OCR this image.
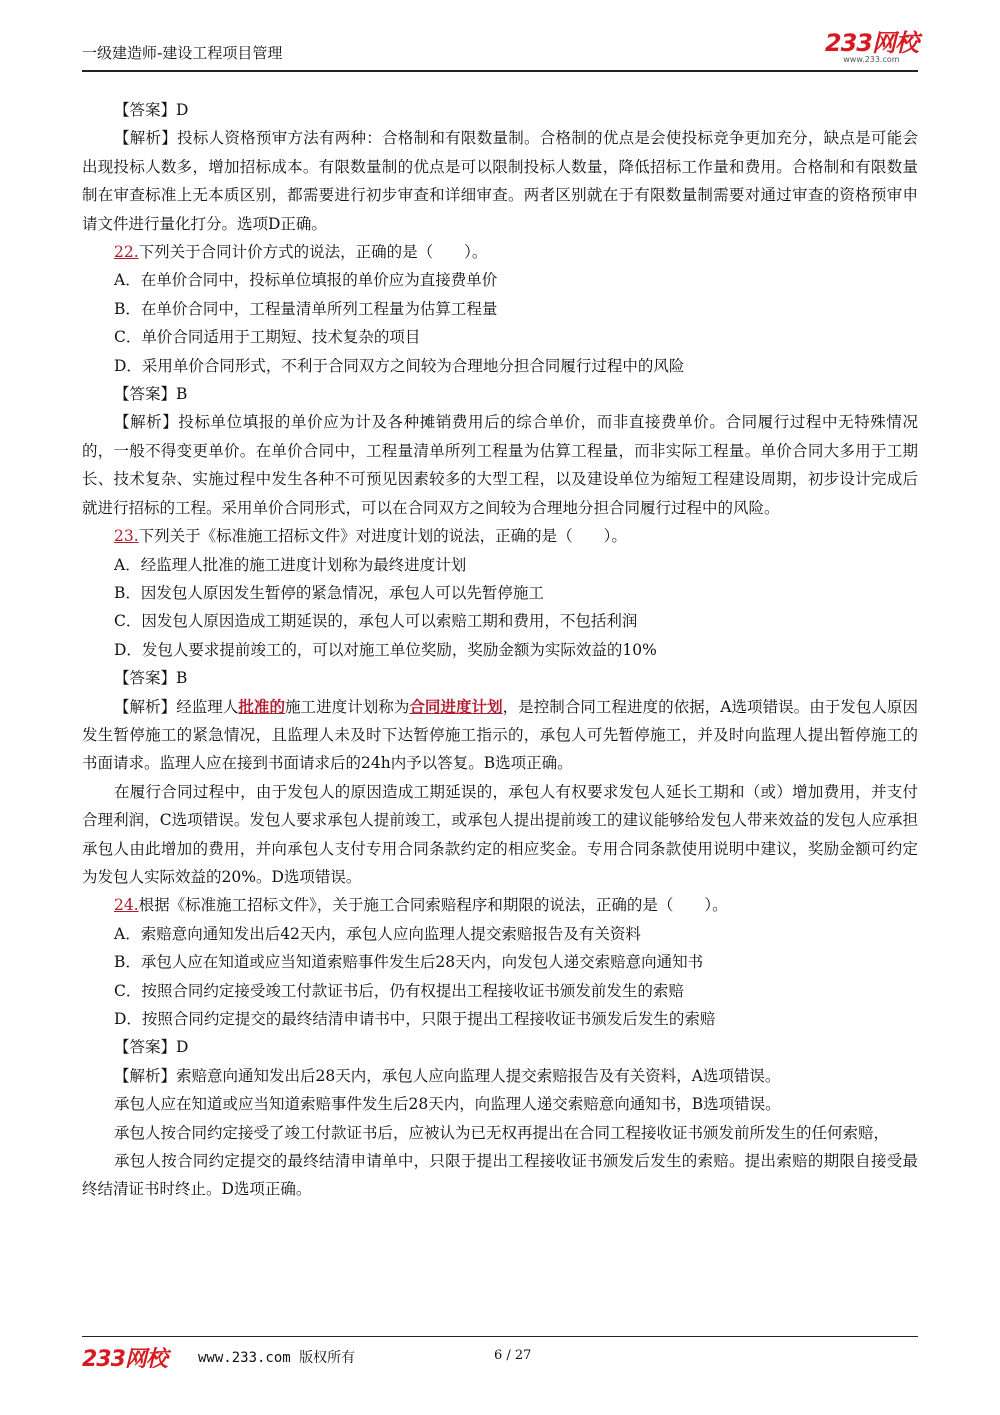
一级建造师-建设工程项目管理	233网校
www.233.com

【答案】D

【解析】投标人资格预审方法有两种：合格制和有限数量制。合格制的优点是会使投标竞争更加充分，缺点是可能会出现投标人数多，增加招标成本。有限数量制的优点是可以限制投标人数量，降低招标工作量和费用。合格制和有限数量制在审查标准上无本质区别，都需要进行初步审查和详细审查。两者区别就在于有限数量制需要对通过审查的资格预审申请文件进行量化打分。选项D正确。

22.下列关于合同计价方式的说法，正确的是（　　）。

A．在单价合同中，投标单位填报的单价应为直接费单价

B．在单价合同中，工程量清单所列工程量为估算工程量

C．单价合同适用于工期短、技术复杂的项目

D．采用单价合同形式，不利于合同双方之间较为合理地分担合同履行过程中的风险

【答案】B

【解析】投标单位填报的单价应为计及各种摊销费用后的综合单价，而非直接费单价。合同履行过程中无特殊情况的，一般不得变更单价。在单价合同中，工程量清单所列工程量为估算工程量，而非实际工程量。单价合同大多用于工期长、技术复杂、实施过程中发生各种不可预见因素较多的大型工程，以及建设单位为缩短工程建设周期，初步设计完成后就进行招标的工程。采用单价合同形式，可以在合同双方之间较为合理地分担合同履行过程中的风险。

23.下列关于《标准施工招标文件》对进度计划的说法，正确的是（　　）。

A．经监理人批准的施工进度计划称为最终进度计划

B．因发包人原因发生暂停的紧急情况，承包人可以先暂停施工

C．因发包人原因造成工期延误的，承包人可以索赔工期和费用，不包括利润

D．发包人要求提前竣工的，可以对施工单位奖励，奖励金额为实际效益的10%

【答案】B

【解析】经监理人批准的施工进度计划称为合同进度计划，是控制合同工程进度的依据，A选项错误。由于发包人原因发生暂停施工的紧急情况，且监理人未及时下达暂停施工指示的，承包人可先暂停施工，并及时向监理人提出暂停施工的书面请求。监理人应在接到书面请求后的24h内予以答复。B选项正确。

在履行合同过程中，由于发包人的原因造成工期延误的，承包人有权要求发包人延长工期和（或）增加费用，并支付合理利润，C选项错误。发包人要求承包人提前竣工，或承包人提出提前竣工的建议能够给发包人带来效益的发包人应承担承包人由此增加的费用，并向承包人支付专用合同条款约定的相应奖金。专用合同条款使用说明中建议，奖励金额可约定为发包人实际效益的20%。D选项错误。

24.根据《标准施工招标文件》，关于施工合同索赔程序和期限的说法，正确的是（　　）。

A．索赔意向通知发出后42天内，承包人应向监理人提交索赔报告及有关资料

B．承包人应在知道或应当知道索赔事件发生后28天内，向发包人递交索赔意向通知书

C．按照合同约定接受竣工付款证书后，仍有权提出工程接收证书颁发前发生的索赔

D．按照合同约定提交的最终结清申请书中，只限于提出工程接收证书颁发后发生的索赔

【答案】D

【解析】索赔意向通知发出后28天内，承包人应向监理人提交索赔报告及有关资料，A选项错误。

承包人应在知道或应当知道索赔事件发生后28天内，向监理人递交索赔意向通知书，B选项错误。

承包人按合同约定接受了竣工付款证书后，应被认为已无权再提出在合同工程接收证书颁发前所发生的任何索赔，

承包人按合同约定提交的最终结清申请单中，只限于提出工程接收证书颁发后发生的索赔。提出索赔的期限自接受最终结清证书时终止。D选项正确。

233网校 www.233.com 版权所有	6 / 27
